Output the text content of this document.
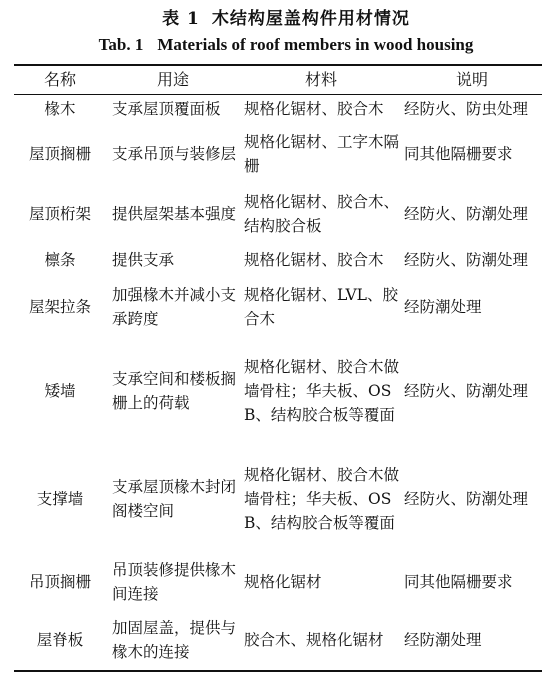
表 1 木结构屋盖构件用材情况
Tab. 1 Materials of roof members in wood housing
名称	用途	材料	说明
椽木	支承屋顶覆面板	规格化锯材、胶合木	经防火、防虫处理
屋顶搁栅	支承吊顶与装修层	规格化锯材、工字木隔栅	同其他隔栅要求
屋顶桁架	提供屋架基本强度	规格化锯材、胶合木、结构胶合板	经防火、防潮处理
檩条	提供支承	规格化锯材、胶合木	经防火、防潮处理
屋架拉条	加强椽木并减小支承跨度	规格化锯材、LVL、胶合木	经防潮处理
矮墙	支承空间和楼板搁栅上的荷载	规格化锯材、胶合木做墙骨柱；华夫板、OSB、结构胶合板等覆面	经防火、防潮处理
支撑墙	支承屋顶椽木封闭阁楼空间	规格化锯材、胶合木做墙骨柱；华夫板、OSB、结构胶合板等覆面	经防火、防潮处理
吊顶搁栅	吊顶装修提供椽木间连接	规格化锯材	同其他隔栅要求
屋脊板	加固屋盖，提供与椽木的连接	胶合木、规格化锯材	经防潮处理
